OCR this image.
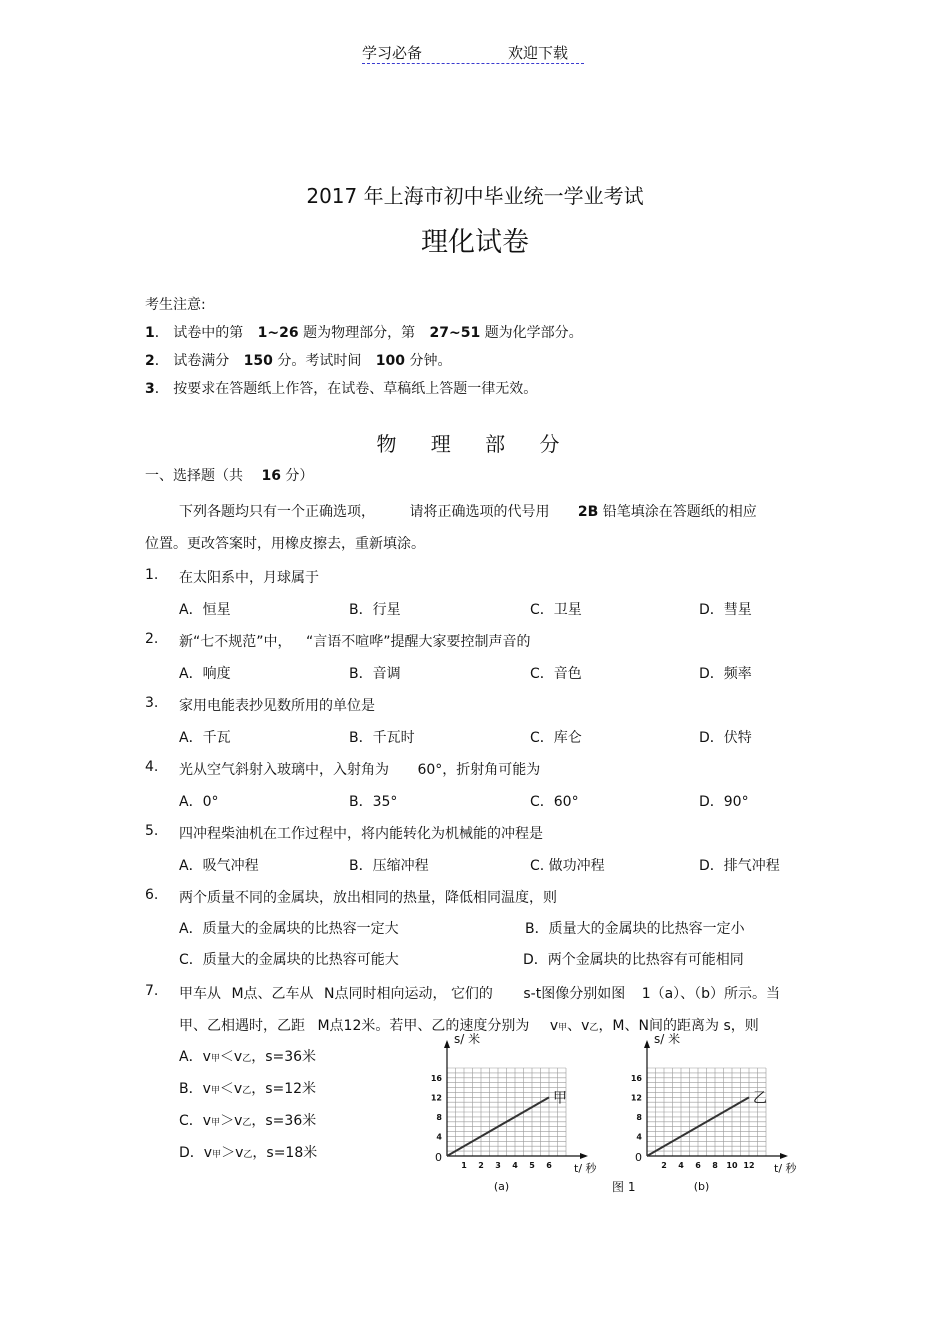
学习必备	欢迎下载
2017 年上海市初中毕业统一学业考试
理化试卷
考生注意:
1． 试卷中的第 1~26 题为物理部分，第 27~51 题为化学部分。
2． 试卷满分 150 分。考试时间 100 分钟。
3． 按要求在答题纸上作答，在试卷、草稿纸上答题一律无效。
物 理 部 分
一、选择题（共 16 分）
下列各题均只有一个正确选项， 请将正确选项的代号用 2B 铅笔填涂在答题纸的相应
位置。更改答案时，用橡皮擦去，重新填涂。
1. 在太阳系中，月球属于
A．恒星	B．行星	C．卫星	D．彗星
2. 新“七不规范”中， “言语不喧哗”提醒大家要控制声音的
A．响度	B．音调	C．音色	D．频率
3. 家用电能表抄见数所用的单位是
A．千瓦	B．千瓦时	C．库仑	D．伏特
4. 光从空气斜射入玻璃中，入射角为 60°，折射角可能为
A．0°	B．35°	C．60°	D．90°
5. 四冲程柴油机在工作过程中，将内能转化为机械能的冲程是
A．吸气冲程	B．压缩冲程	C. 做功冲程	D．排气冲程
6. 两个质量不同的金属块，放出相同的热量，降低相同温度，则
A．质量大的金属块的比热容一定大	B．质量大的金属块的比热容一定小
C．质量大的金属块的比热容可能大	D．两个金属块的比热容有可能相同
7. 甲车从 M点、乙车从 N点同时相向运动， 它们的 s-t图像分别如图 1（a）、（b）所示。当
甲、乙相遇时，乙距 M点12米。若甲、乙的速度分别为 v甲、v乙，M、N间的距离为 s，则
A．v甲＜v乙，s=36米
B．v甲＜v乙，s=12米
C．v甲＞v乙，s=36米
D．v甲＞v乙，s=18米
s/ 米
t/ 秒
0
4
8
12
16
1 2 3 4 5 6
甲
(a)
s/ 米
t/ 秒
0
4
8
12
16
2 4 6 8 10 12
乙
(b)
图 1
